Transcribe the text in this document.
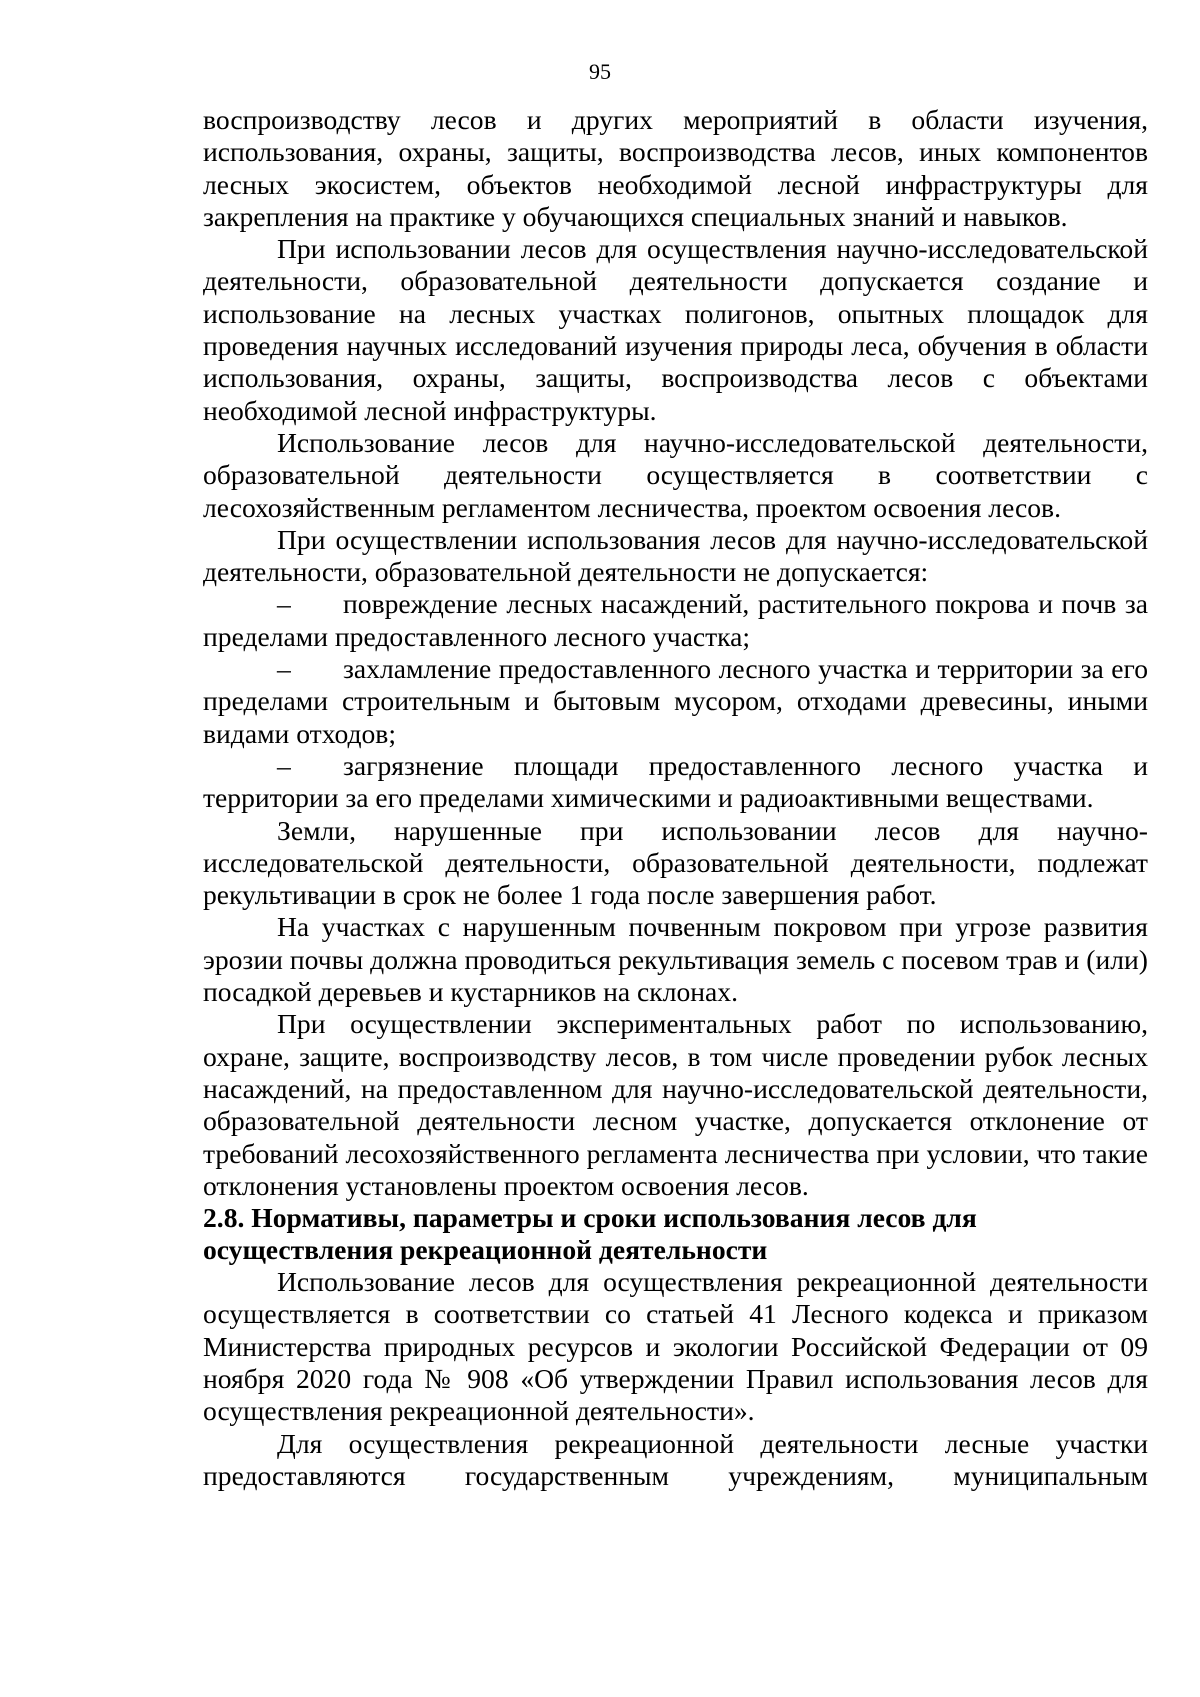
95

воспроизводству лесов и других мероприятий в области изучения, использования, охраны, защиты, воспроизводства лесов, иных компонентов лесных экосистем, объектов необходимой лесной инфраструктуры для закрепления на практике у обучающихся специальных знаний и навыков.

При использовании лесов для осуществления научно-исследовательской деятельности, образовательной деятельности допускается создание и использование на лесных участках полигонов, опытных площадок для проведения научных исследований изучения природы леса, обучения в области использования, охраны, защиты, воспроизводства лесов с объектами необходимой лесной инфраструктуры.

Использование лесов для научно-исследовательской деятельности, образовательной деятельности осуществляется в соответствии с лесохозяйственным регламентом лесничества, проектом освоения лесов.

При осуществлении использования лесов для научно-исследовательской деятельности, образовательной деятельности не допускается:

– повреждение лесных насаждений, растительного покрова и почв за пределами предоставленного лесного участка;

– захламление предоставленного лесного участка и территории за его пределами строительным и бытовым мусором, отходами древесины, иными видами отходов;

– загрязнение площади предоставленного лесного участка и территории за его пределами химическими и радиоактивными веществами.

Земли, нарушенные при использовании лесов для научно-исследовательской деятельности, образовательной деятельности, подлежат рекультивации в срок не более 1 года после завершения работ.

На участках с нарушенным почвенным покровом при угрозе развития эрозии почвы должна проводиться рекультивация земель с посевом трав и (или) посадкой деревьев и кустарников на склонах.

При осуществлении экспериментальных работ по использованию, охране, защите, воспроизводству лесов, в том числе проведении рубок лесных насаждений, на предоставленном для научно-исследовательской деятельности, образовательной деятельности лесном участке, допускается отклонение от требований лесохозяйственного регламента лесничества при условии, что такие отклонения установлены проектом освоения лесов.

2.8. Нормативы, параметры и сроки использования лесов для
осуществления рекреационной деятельности

Использование лесов для осуществления рекреационной деятельности осуществляется в соответствии со статьей 41 Лесного кодекса и приказом Министерства природных ресурсов и экологии Российской Федерации от 09 ноября 2020 года № 908 «Об утверждении Правил использования лесов для осуществления рекреационной деятельности».

Для осуществления рекреационной деятельности лесные участки предоставляются государственным учреждениям, муниципальным
